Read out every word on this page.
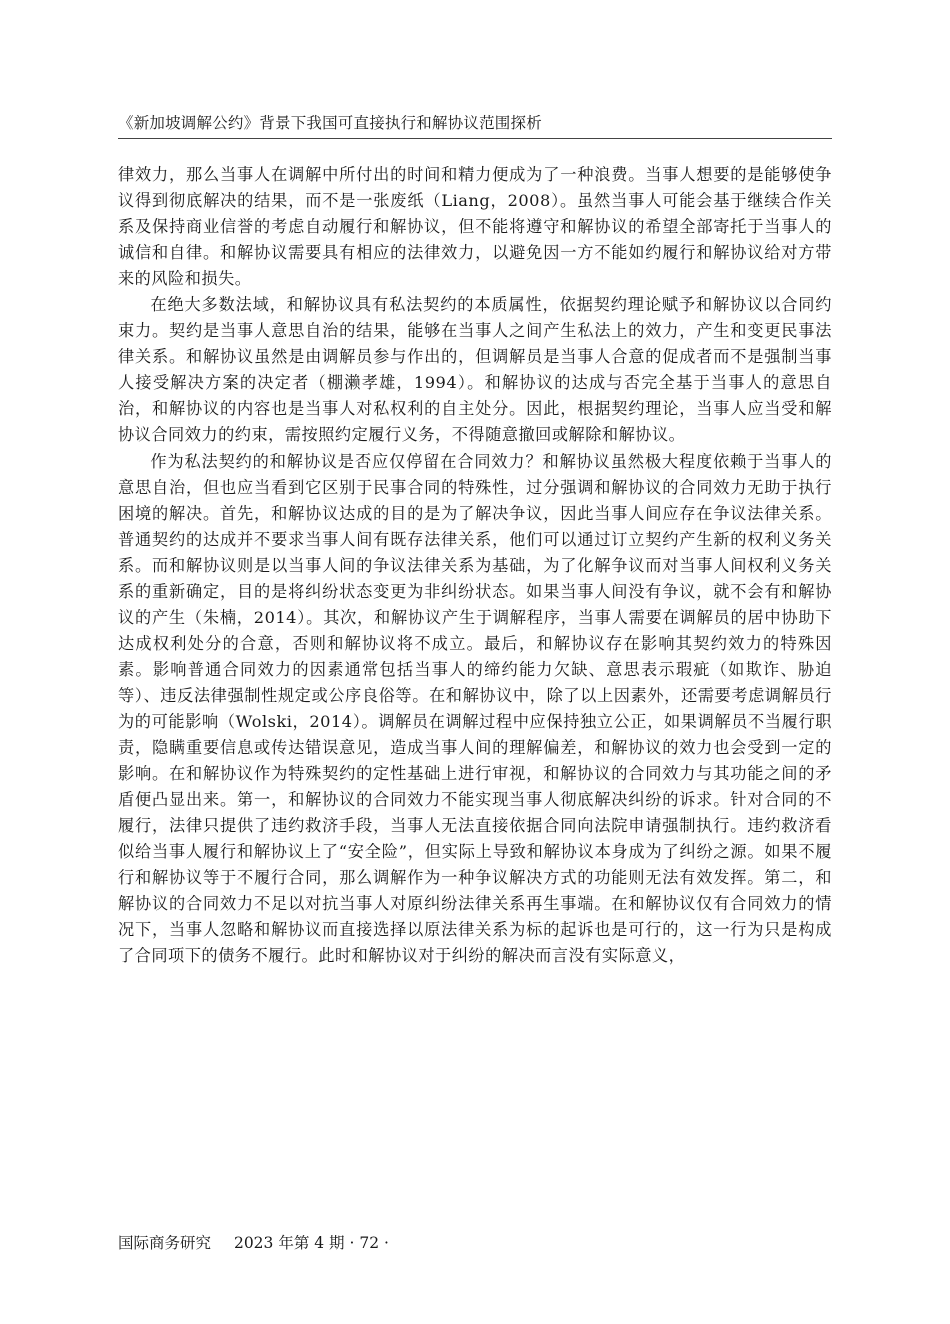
《新加坡调解公约》背景下我国可直接执行和解协议范围探析

律效力，那么当事人在调解中所付出的时间和精力便成为了一种浪费。当事人想要的是能够使争议得到彻底解决的结果，而不是一张废纸（Liang，2008）。虽然当事人可能会基于继续合作关系及保持商业信誉的考虑自动履行和解协议，但不能将遵守和解协议的希望全部寄托于当事人的诚信和自律。和解协议需要具有相应的法律效力，以避免因一方不能如约履行和解协议给对方带来的风险和损失。

在绝大多数法域，和解协议具有私法契约的本质属性，依据契约理论赋予和解协议以合同约束力。契约是当事人意思自治的结果，能够在当事人之间产生私法上的效力，产生和变更民事法律关系。和解协议虽然是由调解员参与作出的，但调解员是当事人合意的促成者而不是强制当事人接受解决方案的决定者（棚濑孝雄，1994）。和解协议的达成与否完全基于当事人的意思自治，和解协议的内容也是当事人对私权利的自主处分。因此，根据契约理论，当事人应当受和解协议合同效力的约束，需按照约定履行义务，不得随意撤回或解除和解协议。

作为私法契约的和解协议是否应仅停留在合同效力？和解协议虽然极大程度依赖于当事人的意思自治，但也应当看到它区别于民事合同的特殊性，过分强调和解协议的合同效力无助于执行困境的解决。首先，和解协议达成的目的是为了解决争议，因此当事人间应存在争议法律关系。普通契约的达成并不要求当事人间有既存法律关系，他们可以通过订立契约产生新的权利义务关系。而和解协议则是以当事人间的争议法律关系为基础，为了化解争议而对当事人间权利义务关系的重新确定，目的是将纠纷状态变更为非纠纷状态。如果当事人间没有争议，就不会有和解协议的产生（朱楠，2014）。其次，和解协议产生于调解程序，当事人需要在调解员的居中协助下达成权利处分的合意，否则和解协议将不成立。最后，和解协议存在影响其契约效力的特殊因素。影响普通合同效力的因素通常包括当事人的缔约能力欠缺、意思表示瑕疵（如欺诈、胁迫等）、违反法律强制性规定或公序良俗等。在和解协议中，除了以上因素外，还需要考虑调解员行为的可能影响（Wolski，2014）。调解员在调解过程中应保持独立公正，如果调解员不当履行职责，隐瞒重要信息或传达错误意见，造成当事人间的理解偏差，和解协议的效力也会受到一定的影响。在和解协议作为特殊契约的定性基础上进行审视，和解协议的合同效力与其功能之间的矛盾便凸显出来。第一，和解协议的合同效力不能实现当事人彻底解决纠纷的诉求。针对合同的不履行，法律只提供了违约救济手段，当事人无法直接依据合同向法院申请强制执行。违约救济看似给当事人履行和解协议上了“安全险”，但实际上导致和解协议本身成为了纠纷之源。如果不履行和解协议等于不履行合同，那么调解作为一种争议解决方式的功能则无法有效发挥。第二，和解协议的合同效力不足以对抗当事人对原纠纷法律关系再生事端。在和解协议仅有合同效力的情况下，当事人忽略和解协议而直接选择以原法律关系为标的起诉也是可行的，这一行为只是构成了合同项下的债务不履行。此时和解协议对于纠纷的解决而言没有实际意义，

国际商务研究 2023 年第 4 期 · 72 ·
